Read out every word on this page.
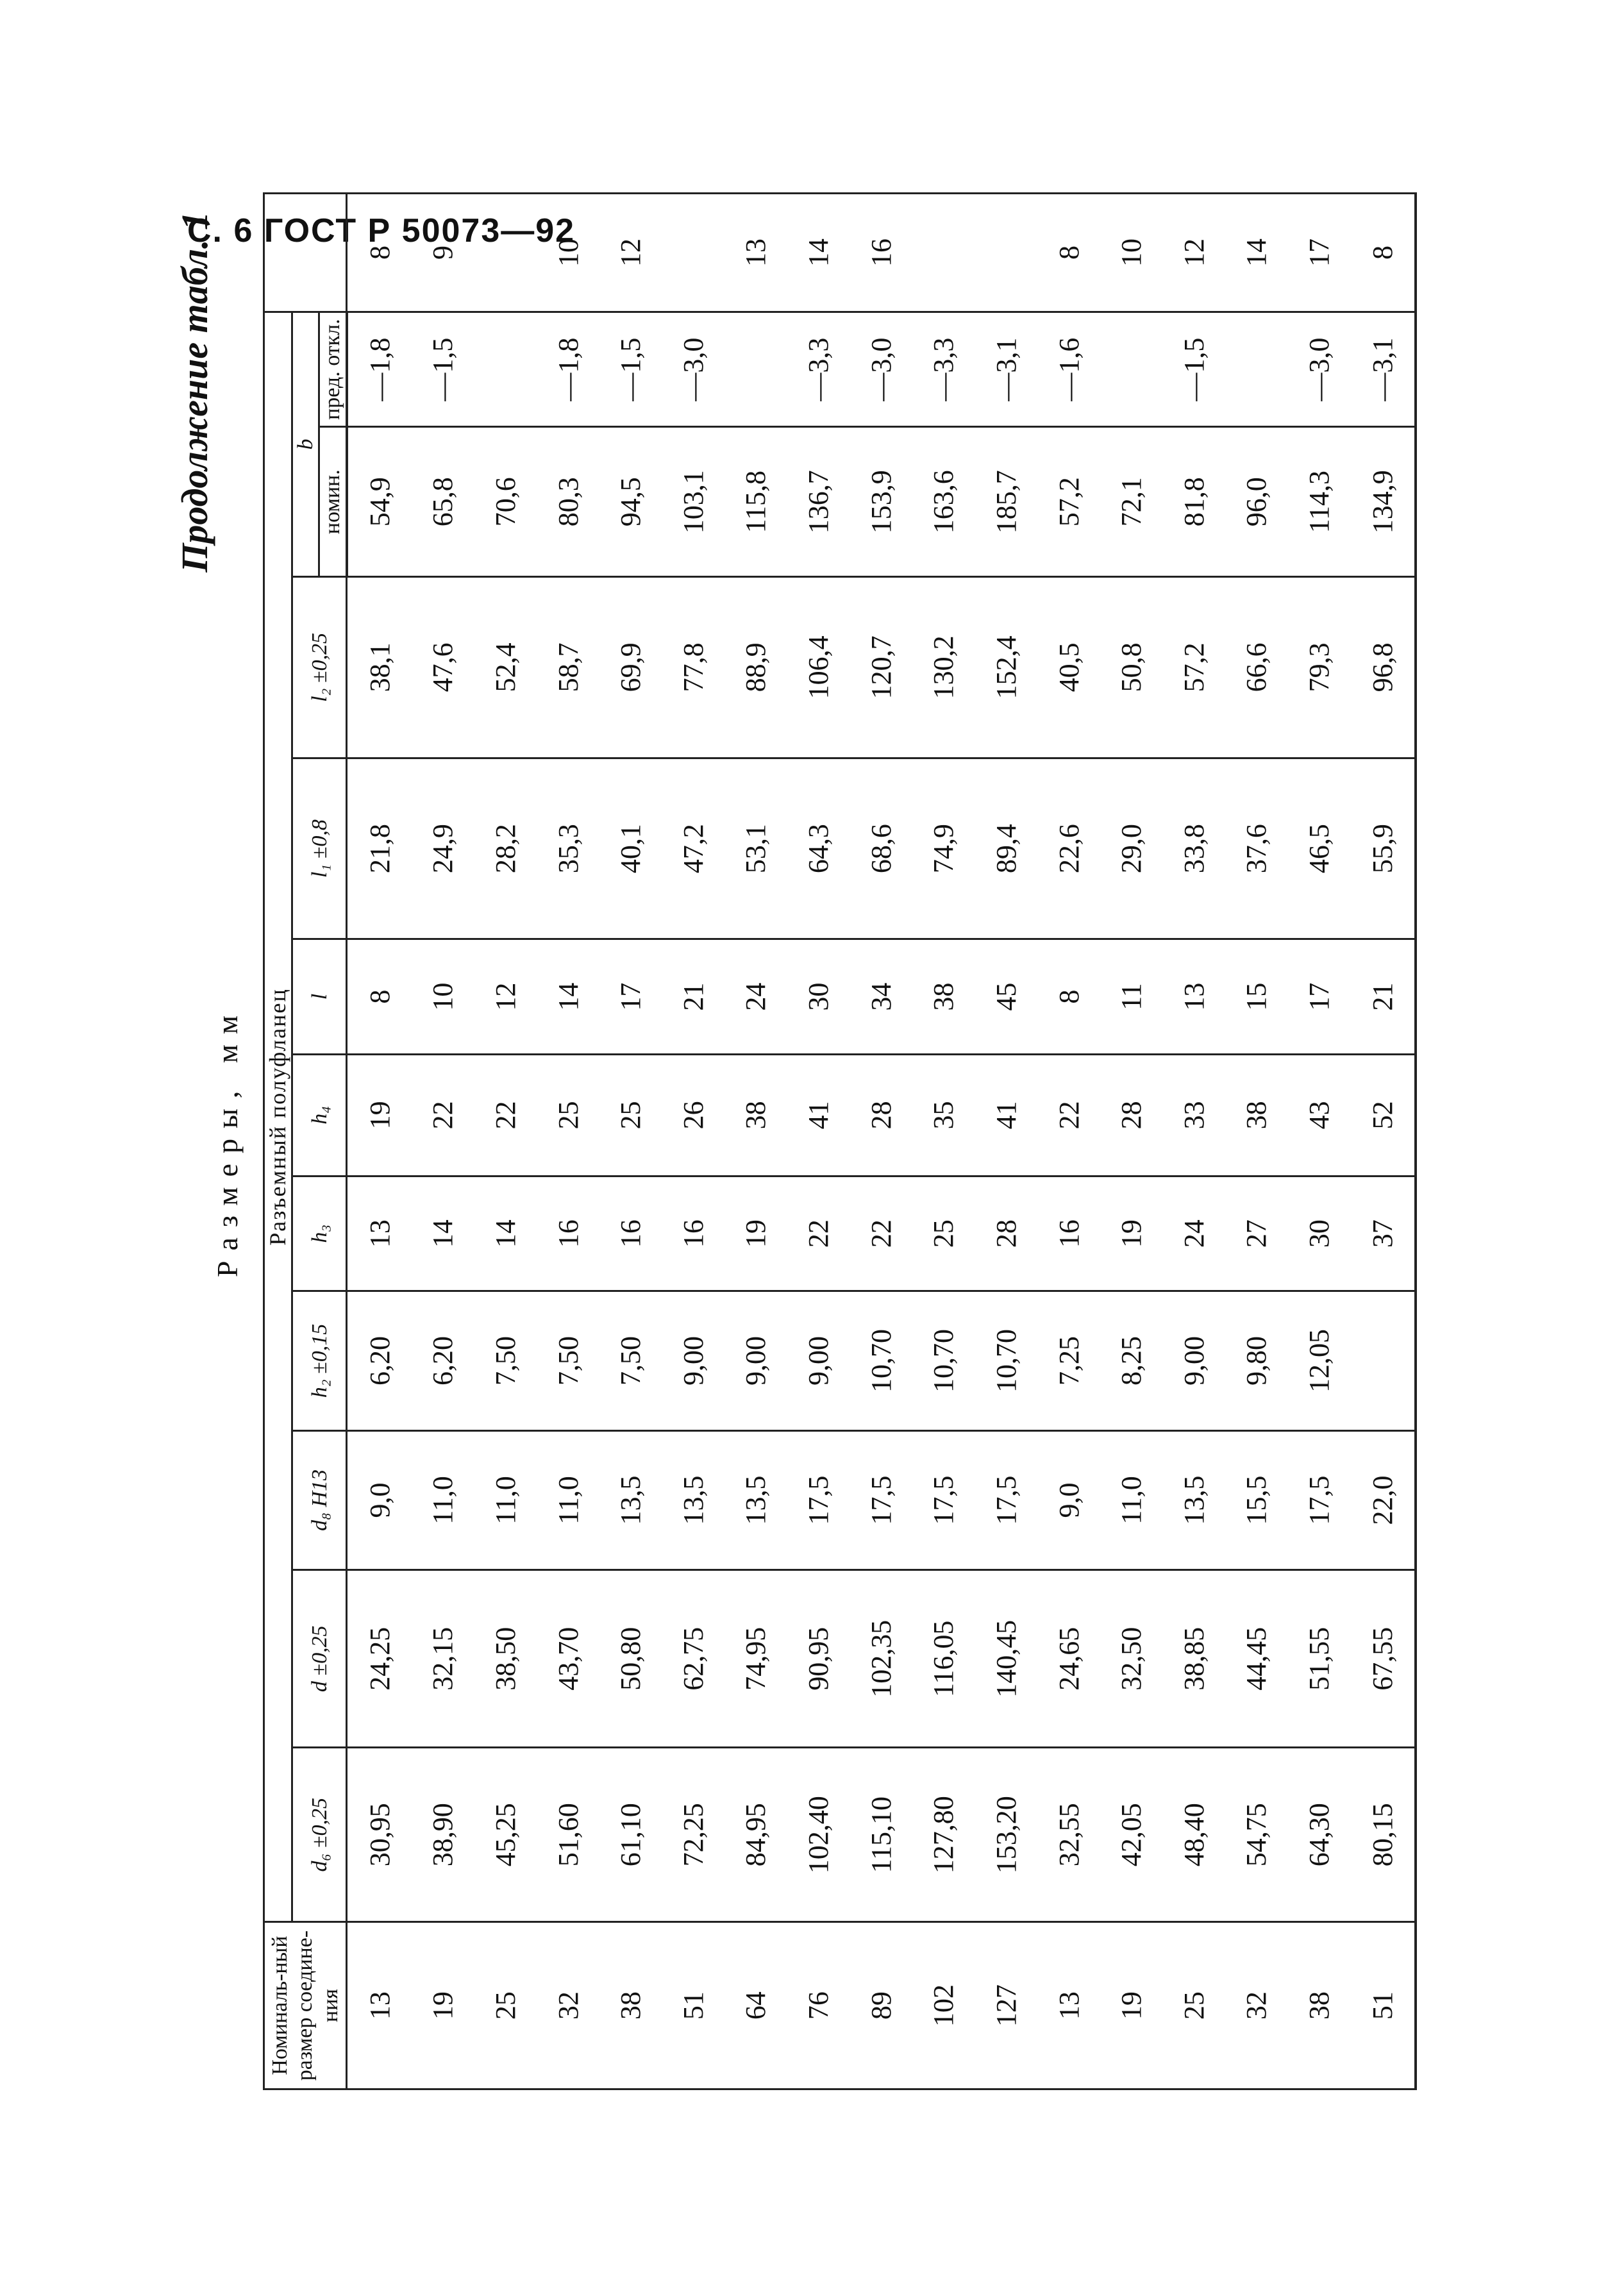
С. 6 ГОСТ Р 50073—92
Продолжение табл. 1
Размеры, мм
Номиналь-ный размер соедине-ния	Разъемный полуфланец											
	d₆ ±0,25	d ±0,25	d₈ H13	h₂ ±0,15	h₃	h₄	l	l₁ ±0,8	l₂ ±0,25	b		
										номин.	пред. откл.	
13	30,95	24,25	9,0	6,20	13	19	8	21,8	38,1	54,9	—1,8	8
19	38,90	32,15	11,0	6,20	14	22	10	24,9	47,6	65,8	—1,5	9
25	45,25	38,50	11,0	7,50	14	22	12	28,2	52,4	70,6		
32	51,60	43,70	11,0	7,50	16	25	14	35,3	58,7	80,3	—1,8	10
38	61,10	50,80	13,5	7,50	16	25	17	40,1	69,9	94,5	—1,5	12
51	72,25	62,75	13,5	9,00	16	26	21	47,2	77,8	103,1	—3,0	
64	84,95	74,95	13,5	9,00	19	38	24	53,1	88,9	115,8		13
76	102,40	90,95	17,5	9,00	22	41	30	64,3	106,4	136,7	—3,3	14
89	115,10	102,35	17,5	10,70	22	28	34	68,6	120,7	153,9	—3,0	16
102	127,80	116,05	17,5	10,70	25	35	38	74,9	130,2	163,6	—3,3	
127	153,20	140,45	17,5	10,70	28	41	45	89,4	152,4	185,7	—3,1	
13	32,55	24,65	9,0	7,25	16	22	8	22,6	40,5	57,2	—1,6	8
19	42,05	32,50	11,0	8,25	19	28	11	29,0	50,8	72,1		10
25	48,40	38,85	13,5	9,00	24	33	13	33,8	57,2	81,8	—1,5	12
32	54,75	44,45	15,5	9,80	27	38	15	37,6	66,6	96,0		14
38	64,30	51,55	17,5	12,05	30	43	17	46,5	79,3	114,3	—3,0	17
51	80,15	67,55	22,0		37	52	21	55,9	96,8	134,9	—3,1	8
